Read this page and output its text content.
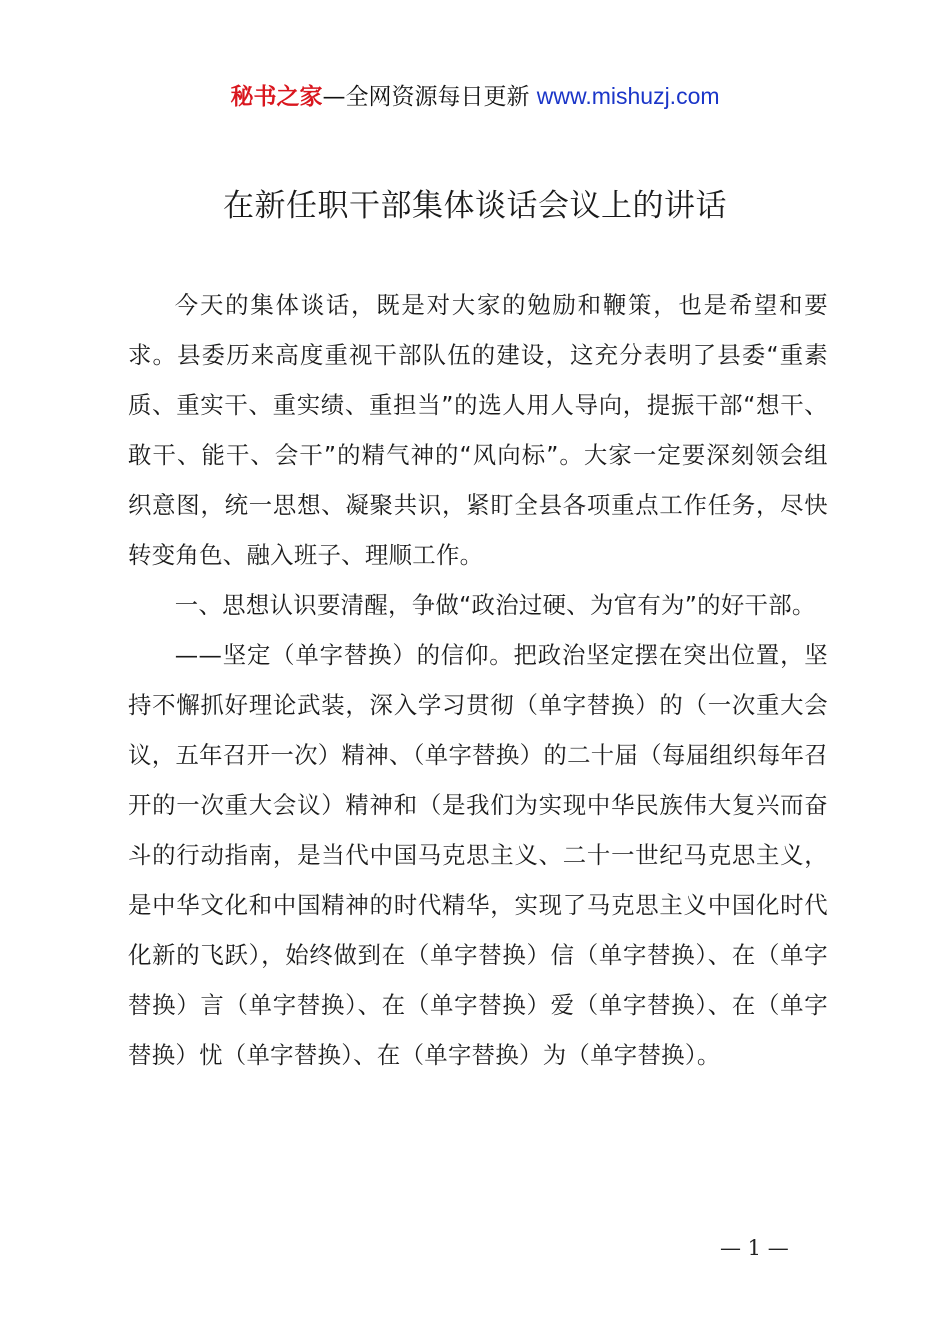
秘书之家—全网资源每日更新 www.mishuzj.com
在新任职干部集体谈话会议上的讲话

今天的集体谈话，既是对大家的勉励和鞭策，也是希望和要求。县委历来高度重视干部队伍的建设，这充分表明了县委“重素质、重实干、重实绩、重担当”的选人用人导向，提振干部“想干、敢干、能干、会干”的精气神的“风向标”。大家一定要深刻领会组织意图，统一思想、凝聚共识，紧盯全县各项重点工作任务，尽快转变角色、融入班子、理顺工作。

一、思想认识要清醒，争做“政治过硬、为官有为”的好干部。

——坚定（单字替换）的信仰。把政治坚定摆在突出位置，坚持不懈抓好理论武装，深入学习贯彻（单字替换）的（一次重大会议，五年召开一次）精神、（单字替换）的二十届（每届组织每年召开的一次重大会议）精神和（是我们为实现中华民族伟大复兴而奋斗的行动指南，是当代中国马克思主义、二十一世纪马克思主义，是中华文化和中国精神的时代精华，实现了马克思主义中国化时代化新的飞跃），始终做到在（单字替换）信（单字替换）、在（单字替换）言（单字替换）、在（单字替换）爱（单字替换）、在（单字替换）忧（单字替换）、在（单字替换）为（单字替换）。

— 1 —
